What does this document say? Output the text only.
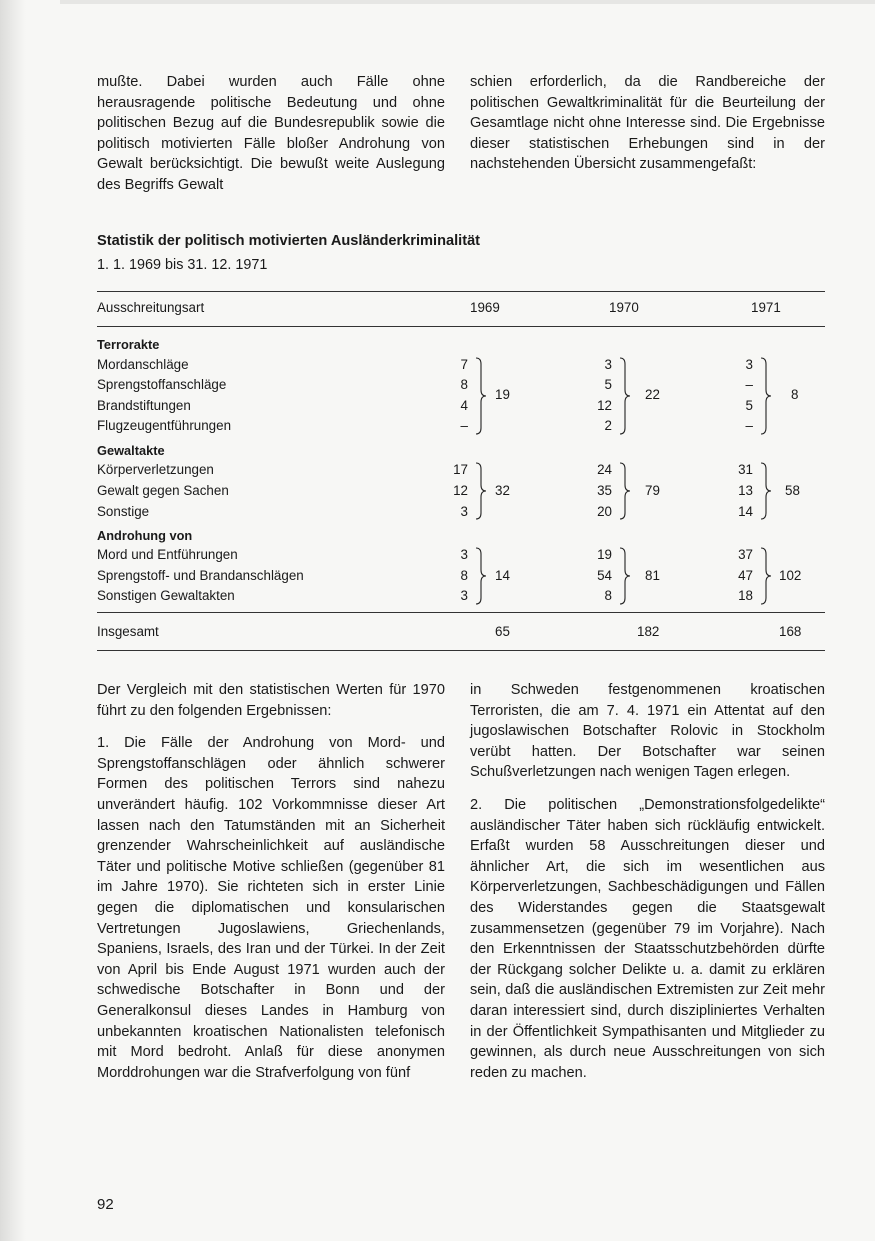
mußte. Dabei wurden auch Fälle ohne herausragende politische Bedeutung und ohne politischen Bezug auf die Bundesrepublik sowie die politisch motivierten Fälle bloßer Androhung von Gewalt berücksichtigt. Die bewußt weite Auslegung des Begriffs Gewalt

schien erforderlich, da die Randbereiche der politischen Gewaltkriminalität für die Beurteilung der Gesamtlage nicht ohne Interesse sind. Die Ergebnisse dieser statistischen Erhebungen sind in der nachstehenden Übersicht zusammengefaßt:

Statistik der politisch motivierten Ausländerkriminalität
1. 1. 1969 bis 31. 12. 1971
Ausschreitungsart	1969	1970	1971
Terrorakte
Mordanschläge	7	3	3
Sprengstoffanschläge	8	5	–
Brandstiftungen	4	12	5
Flugzeugentführungen	–	2	–
19	22	8
Gewaltakte
Körperverletzungen	17	24	31
Gewalt gegen Sachen	12	35	13
Sonstige	3	20	14
32	79	58
Androhung von
Mord und Entführungen	3	19	37
Sprengstoff- und Brandanschlägen	8	54	47
Sonstigen Gewaltakten	3	8	18
14	81	102
Insgesamt	65	182	168

Der Vergleich mit den statistischen Werten für 1970 führt zu den folgenden Ergebnissen:

1. Die Fälle der Androhung von Mord- und Sprengstoffanschlägen oder ähnlich schwerer Formen des politischen Terrors sind nahezu unverändert häufig. 102 Vorkommnisse dieser Art lassen nach den Tatumständen mit an Sicherheit grenzender Wahrscheinlichkeit auf ausländische Täter und politische Motive schließen (gegenüber 81 im Jahre 1970). Sie richteten sich in erster Linie gegen die diplomatischen und konsularischen Vertretungen Jugoslawiens, Griechenlands, Spaniens, Israels, des Iran und der Türkei. In der Zeit von April bis Ende August 1971 wurden auch der schwedische Botschafter in Bonn und der Generalkonsul dieses Landes in Hamburg von unbekannten kroatischen Nationalisten telefonisch mit Mord bedroht. Anlaß für diese anonymen Morddrohungen war die Strafverfolgung von fünf

in Schweden festgenommenen kroatischen Terroristen, die am 7. 4. 1971 ein Attentat auf den jugoslawischen Botschafter Rolovic in Stockholm verübt hatten. Der Botschafter war seinen Schußverletzungen nach wenigen Tagen erlegen.

2. Die politischen „Demonstrationsfolgedelikte“ ausländischer Täter haben sich rückläufig entwickelt. Erfaßt wurden 58 Ausschreitungen dieser und ähnlicher Art, die sich im wesentlichen aus Körperverletzungen, Sachbeschädigungen und Fällen des Widerstandes gegen die Staatsgewalt zusammensetzen (gegenüber 79 im Vorjahre). Nach den Erkenntnissen der Staatsschutzbehörden dürfte der Rückgang solcher Delikte u. a. damit zu erklären sein, daß die ausländischen Extremisten zur Zeit mehr daran interessiert sind, durch diszipliniertes Verhalten in der Öffentlichkeit Sympathisanten und Mitglieder zu gewinnen, als durch neue Ausschreitungen von sich reden zu machen.

92
